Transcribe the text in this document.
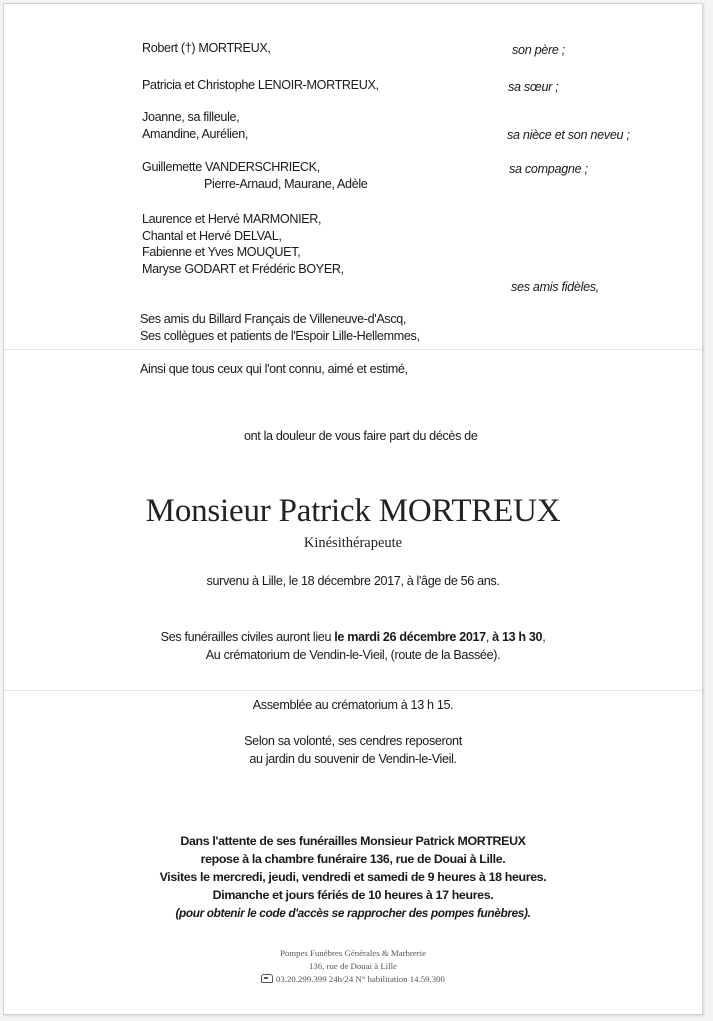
Robert (†) MORTREUX,	son père ;
Patricia et Christophe LENOIR-MORTREUX,	sa sœur ;
Joanne, sa filleule,
Amandine, Aurélien,	sa nièce et son neveu ;
Guillemette VANDERSCHRIECK,
Pierre-Arnaud, Maurane, Adèle
sa compagne ;
Laurence et Hervé MARMONIER,
Chantal et Hervé DELVAL,
Fabienne et Yves MOUQUET,
Maryse GODART et Frédéric BOYER,
ses amis fidèles,
Ses amis du Billard Français de Villeneuve-d'Ascq,
Ses collègues et patients de l'Espoir Lille-Hellemmes,
Ainsi que tous ceux qui l'ont connu, aimé et estimé,
ont la douleur de vous faire part du décès de
Monsieur Patrick MORTREUX
Kinésithérapeute
survenu à Lille, le 18 décembre 2017, à l'âge de 56 ans.
Ses funérailles civiles auront lieu le mardi 26 décembre 2017, à 13 h 30,
Au crématorium de Vendin-le-Vieil, (route de la Bassée).
Assemblée au crématorium à 13 h 15.
Selon sa volonté, ses cendres reposeront
au jardin du souvenir de Vendin-le-Vieil.
Dans l'attente de ses funérailles Monsieur Patrick MORTREUX
repose à la chambre funéraire 136, rue de Douai à Lille.
Visites le mercredi, jeudi, vendredi et samedi de 9 heures à 18 heures.
Dimanche et jours fériés de 10 heures à 17 heures.
(pour obtenir le code d'accès se rapprocher des pompes funèbres).
Pompes Funèbres Générales & Marbrerie
136, rue de Douai à Lille
03.20.299.399 24h/24 N° habilitation 14.59.300
